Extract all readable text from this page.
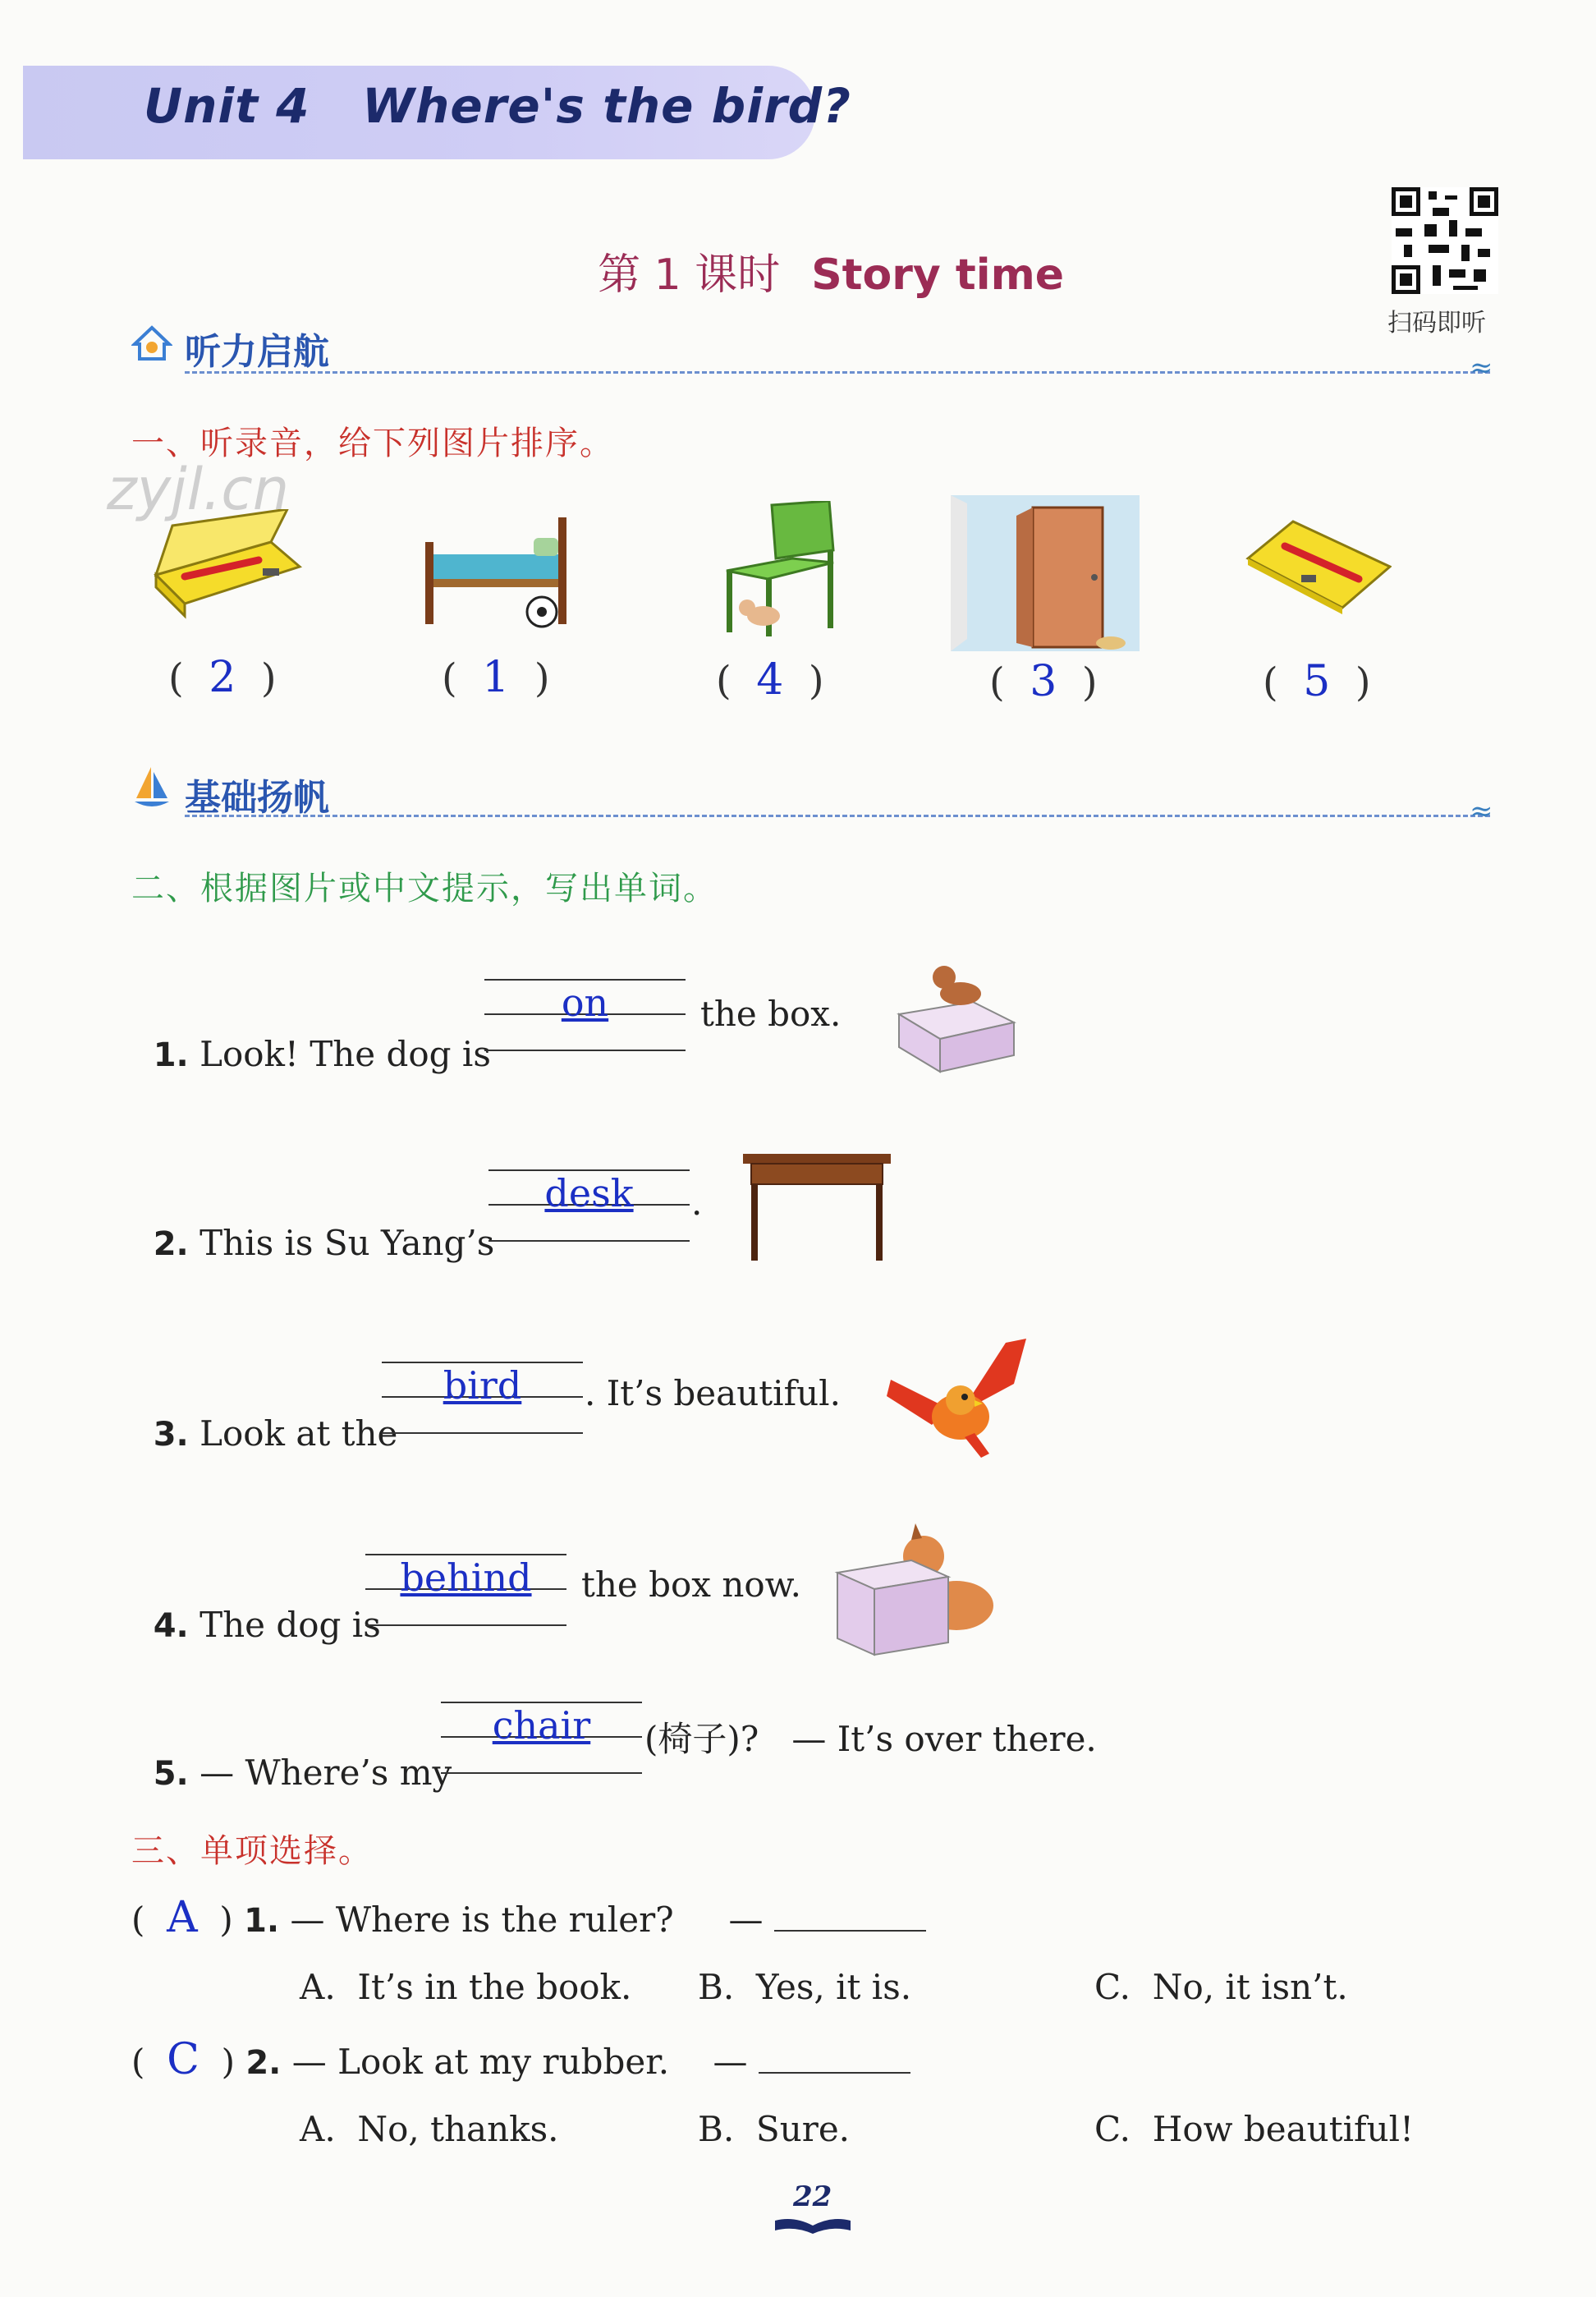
Unit 4   Where's the bird?

第 1 课时 Story time

扫码即听
zyjl.cn
听力启航	≈
一、听录音，给下列图片排序。
(  2  )	(  1  )	(  4  )	(  3  )	(  5  )
基础扬帆	≈
二、根据图片或中文提示，写出单词。

1. Look! The dog is

on	the box.

2. This is Su Yang’s

desk	.

3. Look at the

bird	. It’s beautiful.

4. The dog is

behind	the box now.

5. — Where’s my

chair	(椅子)?   — It’s over there.
三、单项选择。
(  A  ) 1. — Where is the ruler? —
A.  It’s in the book. B.  Yes, it is.	C.  No, it isn’t.
(  C  ) 2. — Look at my rubber. —
A.  No, thanks.	B.  Sure.	C.  How beautiful!
22
